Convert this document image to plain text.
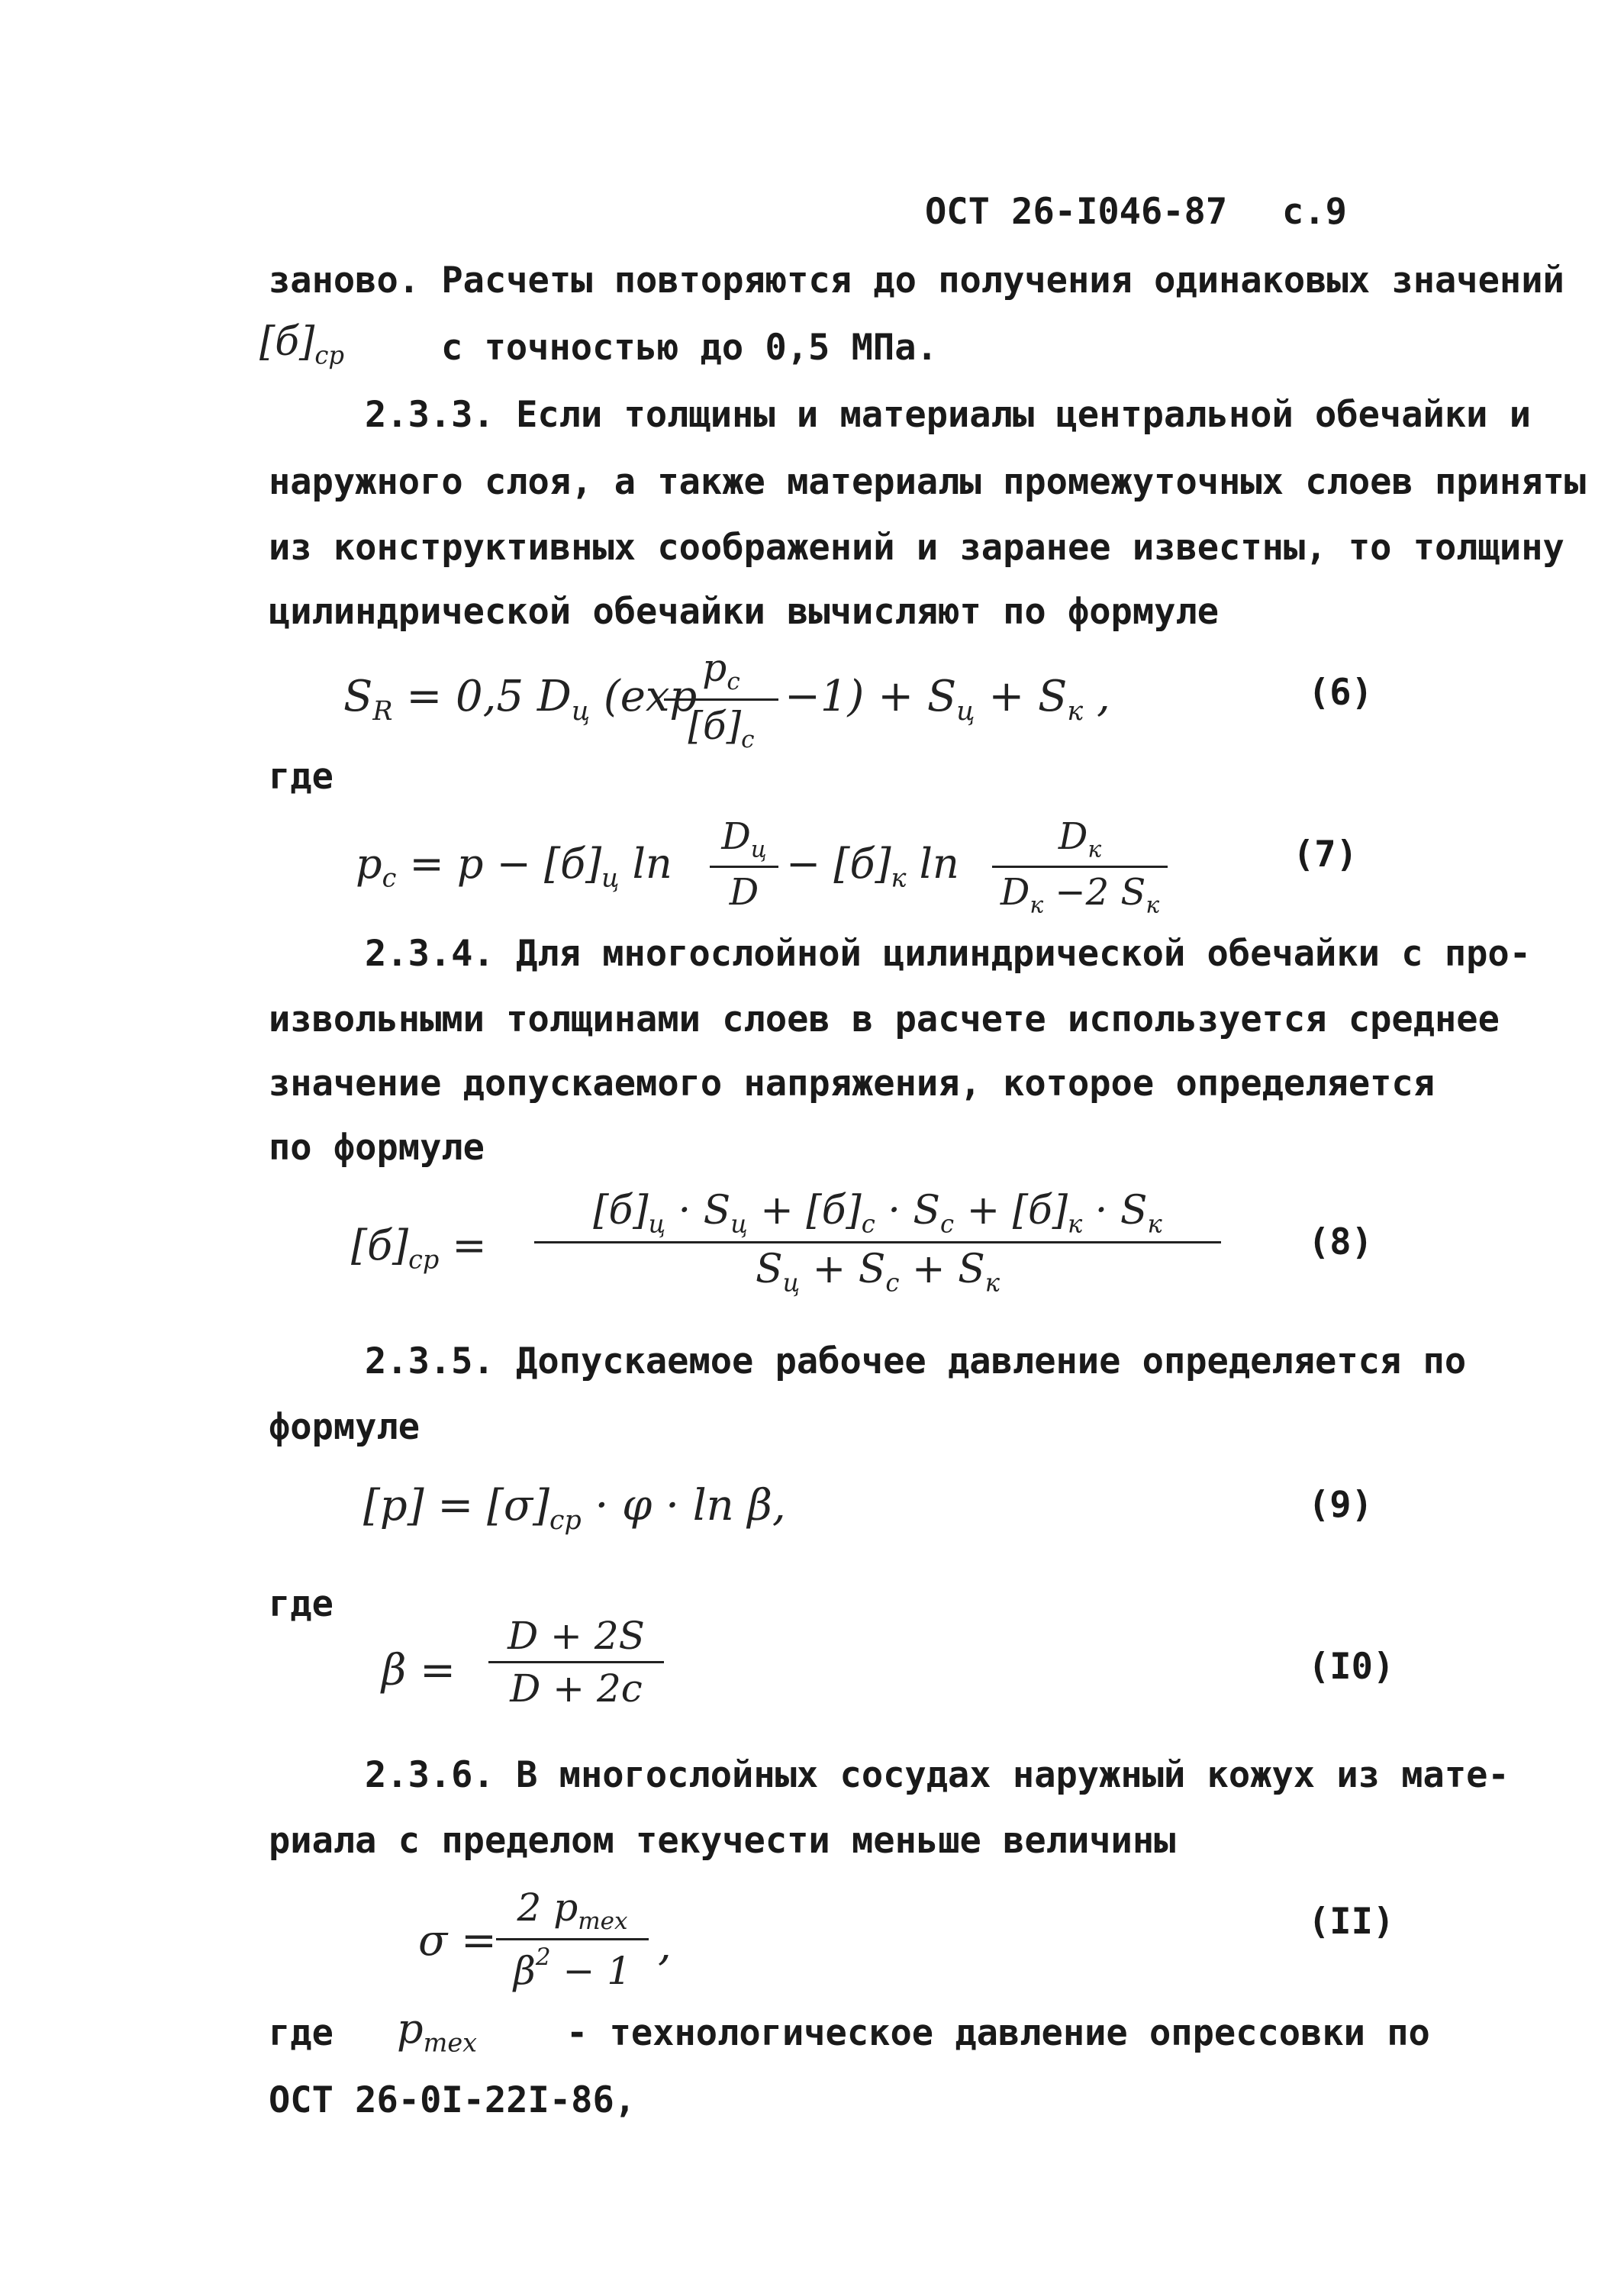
ОСТ 26-I046-87 с.9
заново. Расчеты повторяются до получения одинаковых значений
$[б]_{ср}$	с точностью до 0,5 МПа.
2.3.3. Если толщины и материалы центральной обечайки и
наружного слоя, а также материалы промежуточных слоев приняты
из конструктивных соображений и заранее известны, то толщину
цилиндрической обечайки вычисляют по формуле
$S_R = 0,5$ $D_ц$ (exp
$p_c$
$[б]_c$
$-1) + S_ц + S_к$ ,	(6)
где
$p_c = p - [б]_ц$ ln
$D_ц$
D
− $[б]_к$ ln
$D_к$
$D_к -2$ $S_к$
(7)
2.3.4. Для многослойной цилиндрической обечайки с про-
извольными толщинами слоев в расчете используется среднее
значение допускаемого напряжения, которое определяется
по формуле
$[б]_{ср}$ =
$[б]_ц \cdot S_ц + [б]_с \cdot S_с + [б]_к \cdot S_к$
$S_ц + S_с + S_к$
(8)
2.3.5. Допускаемое рабочее давление определяется по
формуле
$[p] = [\sigma]_{ср} \cdot \varphi \cdot \ln \beta$,	(9)
где
β =
D + 2S
D + 2c	(I0)
2.3.6. В многослойных сосудах наружный кожух из мате-
риала с пределом текучести меньше величины
σ =
2 $p_{тех}$
$\beta^2 - 1$
,	(II)
где $p_{тех}$ - технологическое давление опрессовки по
ОСТ 26-0I-22I-86,
